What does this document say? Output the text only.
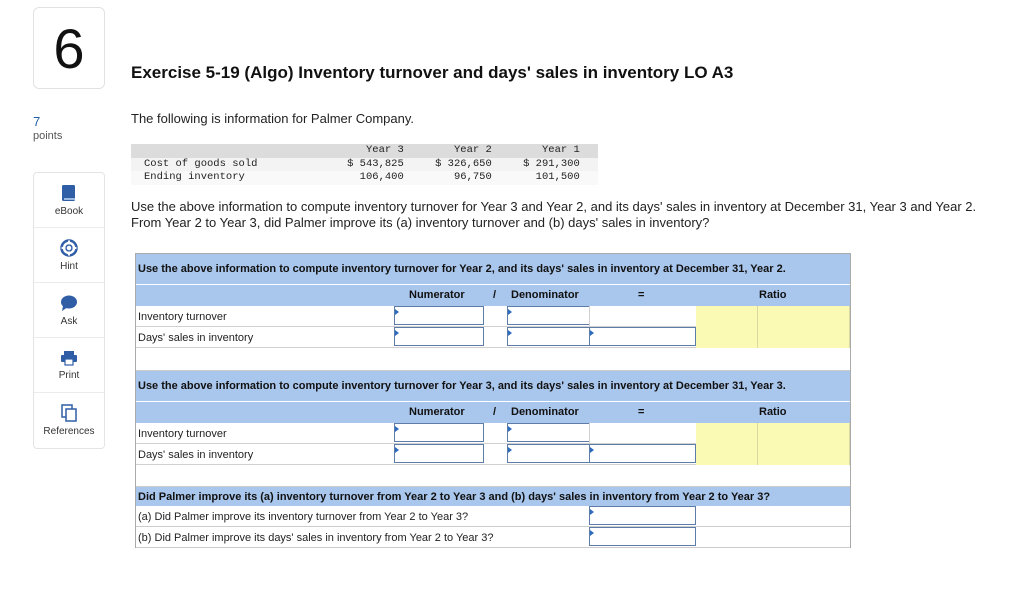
6
7
points
eBook
Hint
Ask
Print
References
Exercise 5-19 (Algo) Inventory turnover and days' sales in inventory LO A3

The following is information for Palmer Company.

	Year 3	Year 2	Year 1	
Cost of goods sold	$ 543,825	$ 326,650	$ 291,300	
Ending inventory	106,400	96,750	101,500	

Use the above information to compute inventory turnover for Year 3 and Year 2, and its days' sales in inventory at December 31, Year 3 and Year 2. From Year 2 to Year 3, did Palmer improve its (a) inventory turnover and (b) days' sales in inventory?

Use the above information to compute inventory turnover for Year 2, and its days' sales in inventory at December 31, Year 2.
Numerator	/ Denominator	=	Ratio
Inventory turnover
Days' sales in inventory
Use the above information to compute inventory turnover for Year 3, and its days' sales in inventory at December 31, Year 3.
Numerator	/ Denominator	=	Ratio
Inventory turnover
Days' sales in inventory
Did Palmer improve its (a) inventory turnover from Year 2 to Year 3 and (b) days' sales in inventory from Year 2 to Year 3?
(a) Did Palmer improve its inventory turnover from Year 2 to Year 3?
(b) Did Palmer improve its days' sales in inventory from Year 2 to Year 3?
